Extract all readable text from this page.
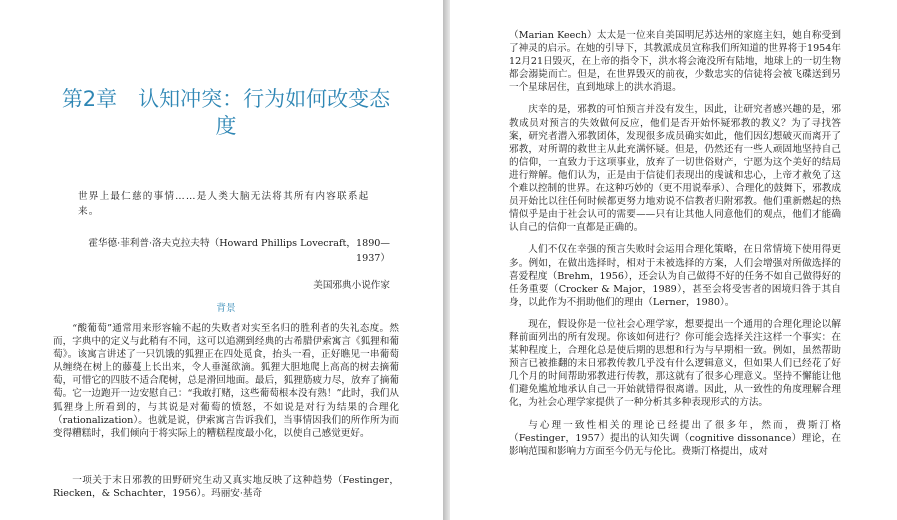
第2章　认知冲突：行为如何改变态度

世界上最仁慈的事情……是人类大脑无法将其所有内容联系起来。

霍华德·菲利普·洛夫克拉夫特（Howard Phillips Lovecraft，1890—1937）

美国邪典小说作家

背景

“酸葡萄”通常用来形容输不起的失败者对实至名归的胜利者的失礼态度。然而，字典中的定义与此稍有不同，这可以追溯到经典的古希腊伊索寓言《狐狸和葡萄》。该寓言讲述了一只饥饿的狐狸正在四处觅食，抬头一看，正好瞧见一串葡萄从缠绕在树上的藤蔓上长出来，令人垂涎欲滴。狐狸大胆地爬上高高的树去摘葡萄，可惜它的四肢不适合爬树，总是滑回地面。最后，狐狸筋疲力尽，放弃了摘葡萄。它一边跑开一边安慰自己：“我敢打赌，这些葡萄根本没有熟！”此时，我们从狐狸身上所看到的，与其说是对葡萄的愤怒，不如说是对行为结果的合理化（rationalization）。也就是说，伊索寓言告诉我们，当事情因我们的所作所为而变得糟糕时，我们倾向于将实际上的糟糕程度最小化，以使自己感觉更好。

一项关于末日邪教的田野研究生动又真实地反映了这种趋势（Festinger，Riecken，& Schachter，1956）。玛丽安·基奇

（Marian Keech）太太是一位来自美国明尼苏达州的家庭主妇，她自称受到了神灵的启示。在她的引导下，其教派成员宣称我们所知道的世界将于1954年12月21日毁灭，在上帝的指令下，洪水将会淹没所有陆地，地球上的一切生物都会溺毙而亡。但是，在世界毁灭的前夜，少数忠实的信徒将会被飞碟送到另一个星球居住，直到地球上的洪水消退。

庆幸的是，邪教的可怕预言并没有发生，因此，让研究者感兴趣的是，邪教成员对预言的失效做何反应，他们是否开始怀疑邪教的教义？为了寻找答案，研究者潜入邪教团体，发现很多成员确实如此，他们因幻想破灭而离开了邪教，对所谓的救世主从此充满怀疑。但是，仍然还有一些人顽固地坚持自己的信仰，一直致力于这项事业，放弃了一切世俗财产，宁愿为这个美好的结局进行辩解。他们认为，正是由于信徒们表现出的虔诚和忠心，上帝才赦免了这个难以控制的世界。在这种巧妙的（更不用说奉承）、合理化的鼓舞下，邪教成员开始比以往任何时候都更努力地劝说不信教者归附邪教。他们重新燃起的热情似乎是由于社会认可的需要——只有让其他人同意他们的观点，他们才能确认自己的信仰一直都是正确的。

人们不仅在幸强的预言失败时会运用合理化策略，在日常情境下使用得更多。例如，在做出选择时，相对于未被选择的方案，人们会增强对所做选择的喜爱程度（Brehm，1956），还会认为自己做得不好的任务不如自己做得好的任务重要（Crocker & Major，1989），甚至会将受害者的困境归咎于其自身，以此作为不捐助他们的理由（Lerner，1980）。

现在，假设你是一位社会心理学家，想要提出一个通用的合理化理论以解释前面列出的所有发现。你该如何进行？你可能会选择关注这样一个事实：在某种程度上，合理化总是使后期的思想和行为与早期相一致。例如，虽然帮助预言已被推翻的末日邪教传教几乎没有什么逻辑意义，但如果人们已经花了好几个月的时间帮助邪教进行传教，那这就有了很多心理意义。坚持不懈能让他们避免尴尬地承认自己一开始就错得很离谱。因此，从一致性的角度理解合理化，为社会心理学家提供了一种分析其多种表现形式的方法。

与心理一致性相关的理论已经提出了很多年，然而，费斯汀格（Festinger，1957）提出的认知失调（cognitive dissonance）理论，在影响范围和影响力方面至今仍无与伦比。费斯汀格提出，成对
